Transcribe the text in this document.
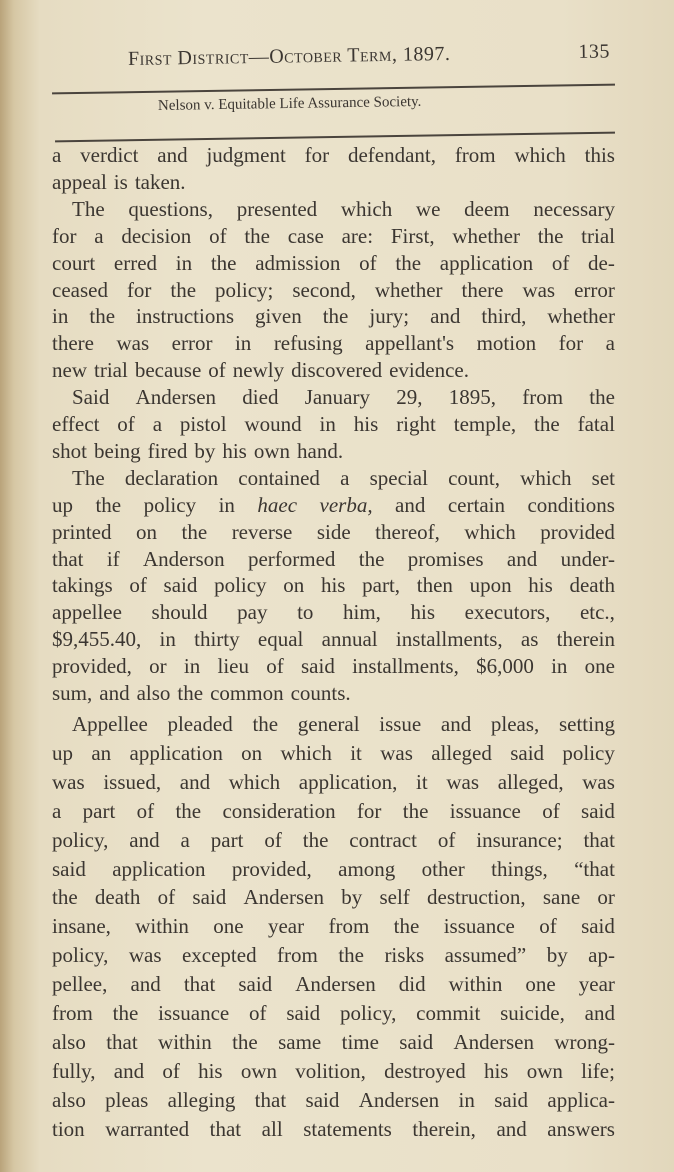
First District—October Term, 1897.	135
Nelson v. Equitable Life Assurance Society.
a verdict and judgment for defendant, from which this
appeal is taken.
The questions, presented which we deem necessary
for a decision of the case are: First, whether the trial
court erred in the admission of the application of de-
ceased for the policy; second, whether there was error
in the instructions given the jury; and third, whether
there was error in refusing appellant's motion for a
new trial because of newly discovered evidence.
Said Andersen died January 29, 1895, from the
effect of a pistol wound in his right temple, the fatal
shot being fired by his own hand.
The declaration contained a special count, which set
up the policy in haec verba, and certain conditions
printed on the reverse side thereof, which provided
that if Anderson performed the promises and under-
takings of said policy on his part, then upon his death
appellee should pay to him, his executors, etc.,
$9,455.40, in thirty equal annual installments, as therein
provided, or in lieu of said installments, $6,000 in one
sum, and also the common counts.
Appellee pleaded the general issue and pleas, setting
up an application on which it was alleged said policy
was issued, and which application, it was alleged, was
a part of the consideration for the issuance of said
policy, and a part of the contract of insurance; that
said application provided, among other things, “that
the death of said Andersen by self destruction, sane or
insane, within one year from the issuance of said
policy, was excepted from the risks assumed” by ap-
pellee, and that said Andersen did within one year
from the issuance of said policy, commit suicide, and
also that within the same time said Andersen wrong-
fully, and of his own volition, destroyed his own life;
also pleas alleging that said Andersen in said applica-
tion warranted that all statements therein, and answers
